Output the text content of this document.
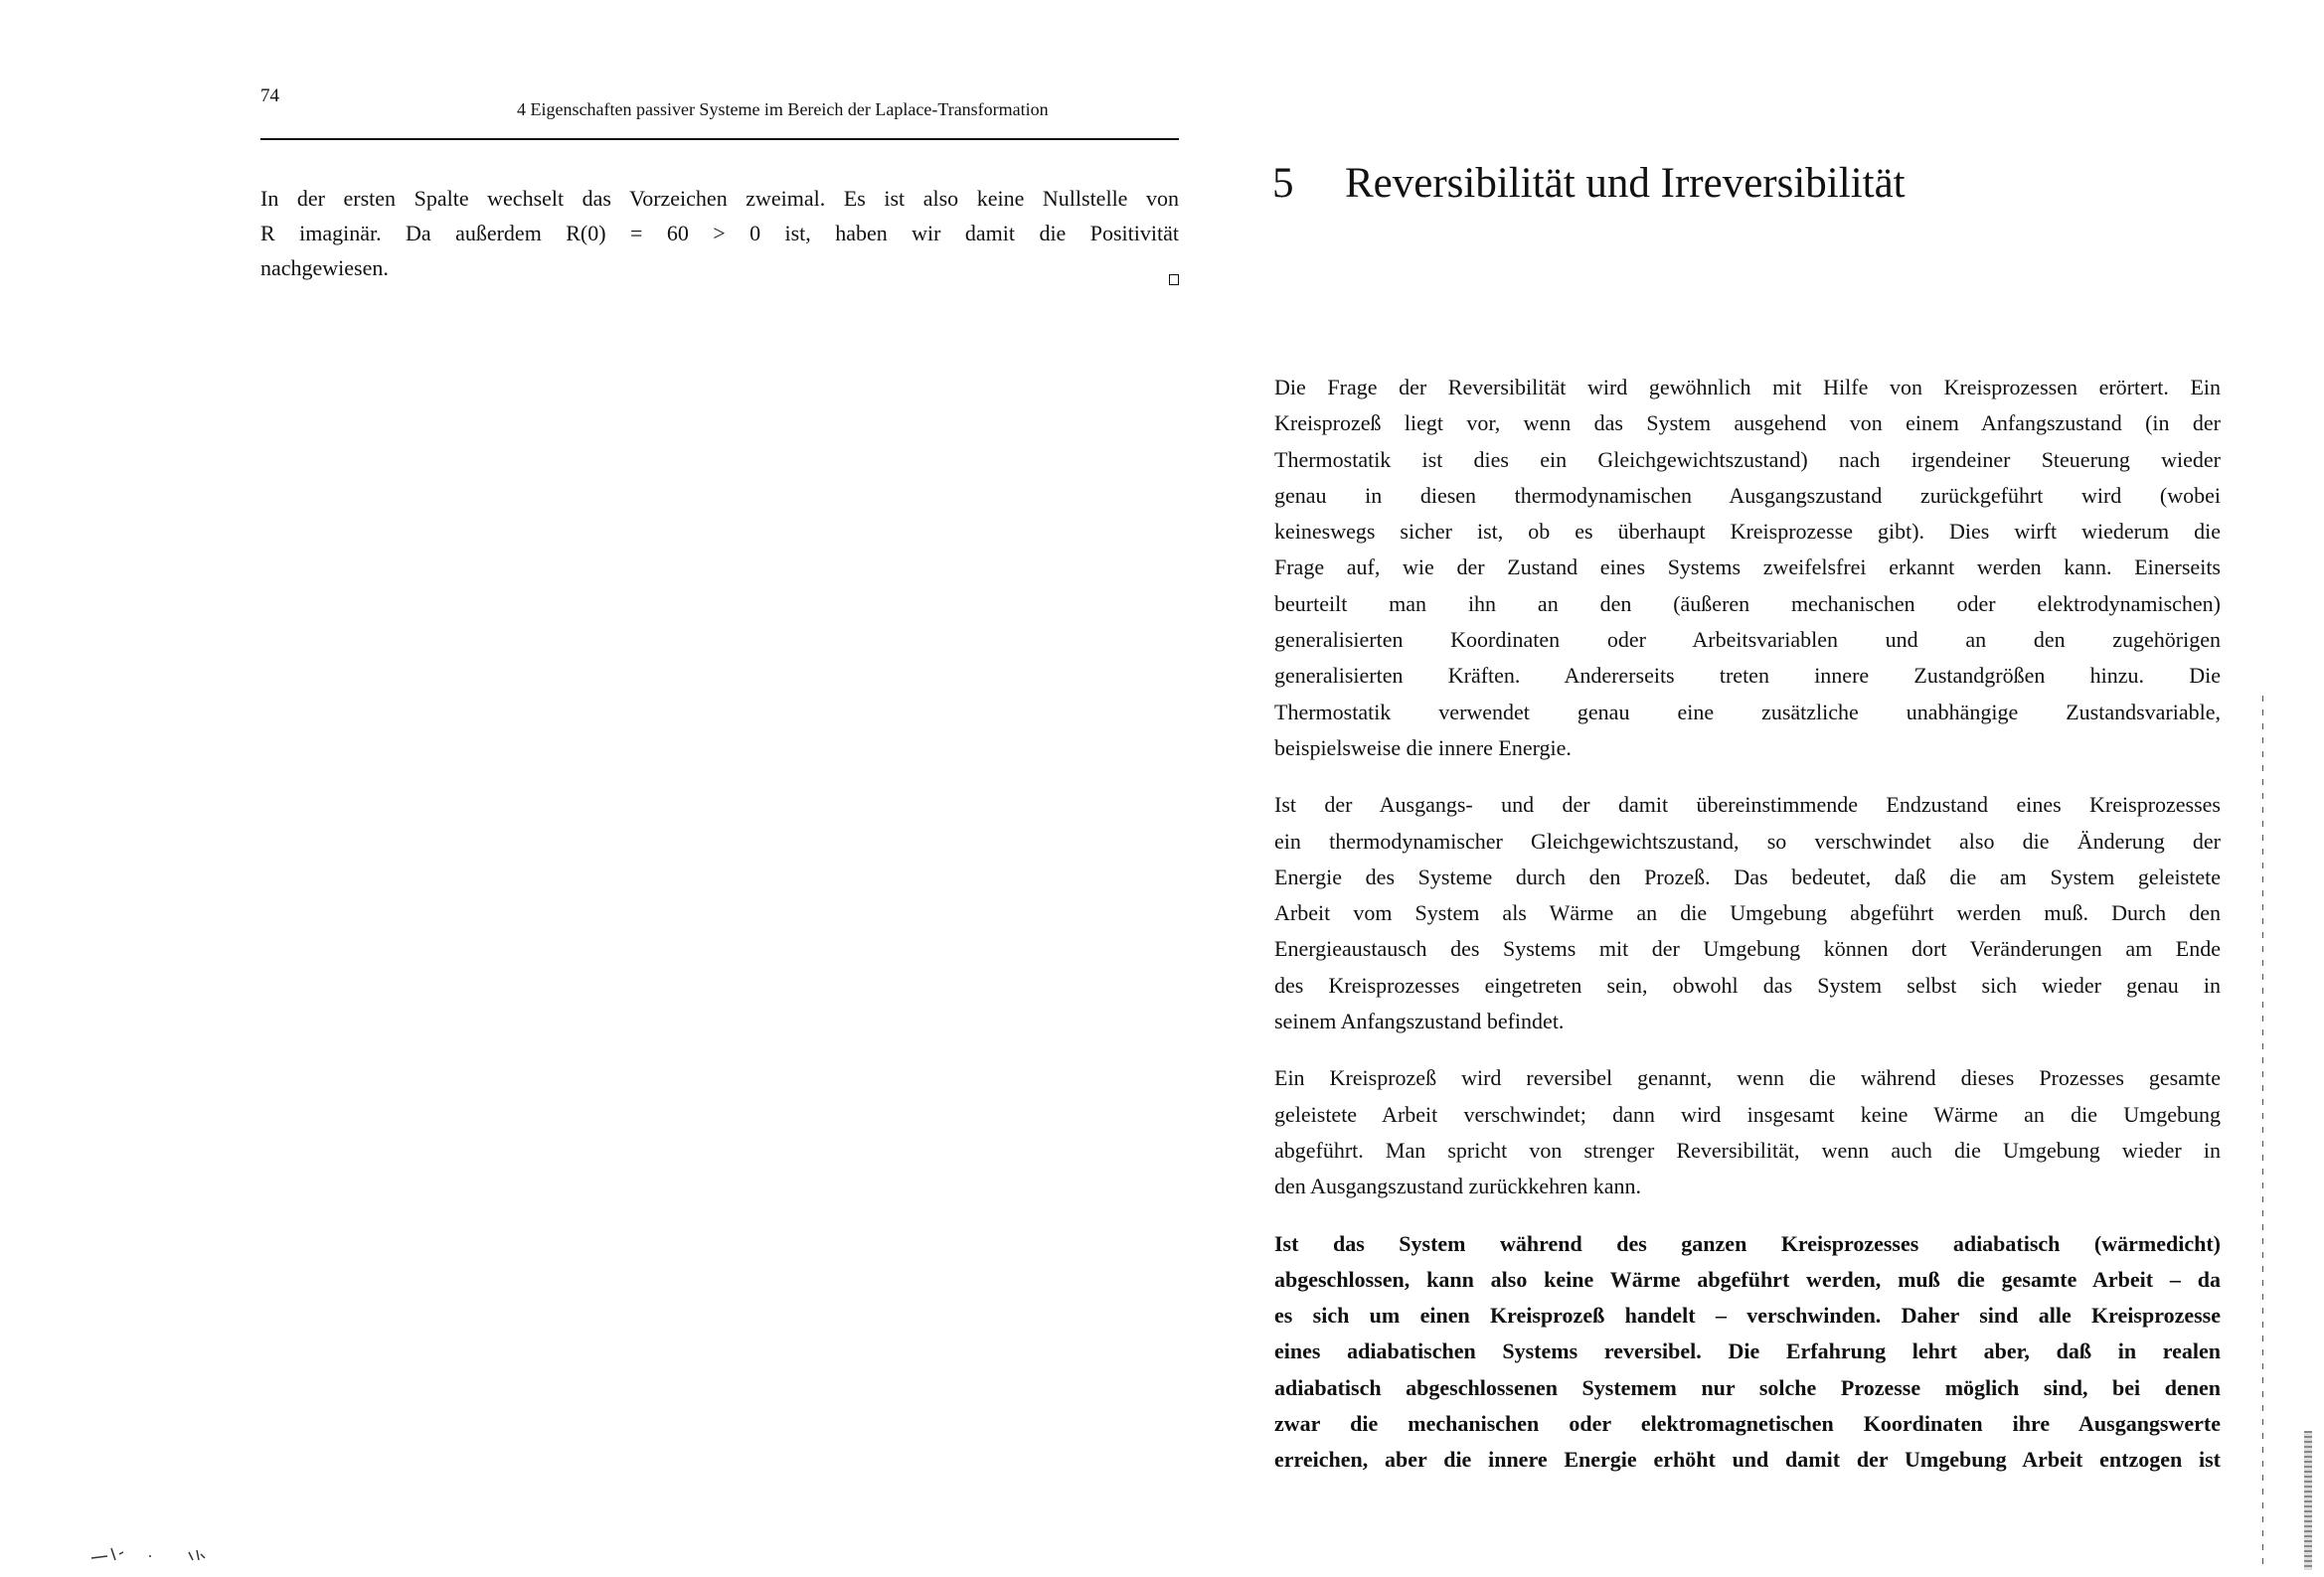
74
4 Eigenschaften passiver Systeme im Bereich der Laplace-Transformation
In der ersten Spalte wechselt das Vorzeichen zweimal. Es ist also keine Nullstelle von
R imaginär. Da außerdem R(0) = 60 > 0 ist, haben wir damit die Positivität
nachgewiesen.
5 Reversibilität und Irreversibilität
Die Frage der Reversibilität wird gewöhnlich mit Hilfe von Kreisprozessen erörtert. Ein
Kreisprozeß liegt vor, wenn das System ausgehend von einem Anfangszustand (in der
Thermostatik ist dies ein Gleichgewichtszustand) nach irgendeiner Steuerung wieder
genau in diesen thermodynamischen Ausgangszustand zurückgeführt wird (wobei
keineswegs sicher ist, ob es überhaupt Kreisprozesse gibt). Dies wirft wiederum die
Frage auf, wie der Zustand eines Systems zweifelsfrei erkannt werden kann. Einerseits
beurteilt man ihn an den (äußeren mechanischen oder elektrodynamischen)
generalisierten Koordinaten oder Arbeitsvariablen und an den zugehörigen
generalisierten Kräften. Andererseits treten innere Zustandgrößen hinzu. Die
Thermostatik verwendet genau eine zusätzliche unabhängige Zustandsvariable,
beispielsweise die innere Energie.
Ist der Ausgangs- und der damit übereinstimmende Endzustand eines Kreisprozesses
ein thermodynamischer Gleichgewichtszustand, so verschwindet also die Änderung der
Energie des Systeme durch den Prozeß. Das bedeutet, daß die am System geleistete
Arbeit vom System als Wärme an die Umgebung abgeführt werden muß. Durch den
Energieaustausch des Systems mit der Umgebung können dort Veränderungen am Ende
des Kreisprozesses eingetreten sein, obwohl das System selbst sich wieder genau in
seinem Anfangszustand befindet.
Ein Kreisprozeß wird reversibel genannt, wenn die während dieses Prozesses gesamte
geleistete Arbeit verschwindet; dann wird insgesamt keine Wärme an die Umgebung
abgeführt. Man spricht von strenger Reversibilität, wenn auch die Umgebung wieder in
den Ausgangszustand zurückkehren kann.
Ist das System während des ganzen Kreisprozesses adiabatisch (wärmedicht)
abgeschlossen, kann also keine Wärme abgeführt werden, muß die gesamte Arbeit – da
es sich um einen Kreisprozeß handelt – verschwinden. Daher sind alle Kreisprozesse
eines adiabatischen Systems reversibel. Die Erfahrung lehrt aber, daß in realen
adiabatisch abgeschlossenen Systemem nur solche Prozesse möglich sind, bei denen
zwar die mechanischen oder elektromagnetischen Koordinaten ihre Ausgangswerte
erreichen, aber die innere Energie erhöht und damit der Umgebung Arbeit entzogen ist
